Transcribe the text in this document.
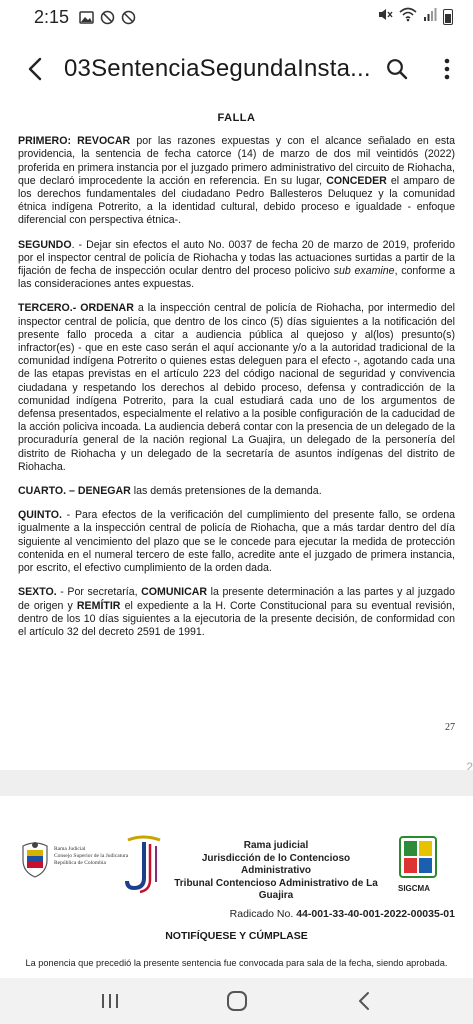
2:15
03SentenciaSegundaInsta...
FALLA

PRIMERO: REVOCAR por las razones expuestas y con el alcance señalado en esta providencia, la sentencia de fecha catorce (14) de marzo de dos mil veintidós (2022) proferida en primera instancia por el juzgado primero administrativo del circuito de Riohacha, que declaró improcedente la acción en referencia. En su lugar, CONCEDER el amparo de los derechos fundamentales del ciudadano Pedro Ballesteros Deluquez y la comunidad étnica indígena Potrerito, a la identidad cultural, debido proceso e igualdade - enfoque diferencial con perspectiva étnica-.

SEGUNDO. - Dejar sin efectos el auto No. 0037 de fecha 20 de marzo de 2019, proferido por el inspector central de policía de Riohacha y todas las actuaciones surtidas a partir de la fijación de fecha de inspección ocular dentro del proceso policivo sub examine, conforme a las consideraciones antes expuestas.

TERCERO.- ORDENAR a la inspección central de policía de Riohacha, por intermedio del inspector central de policía, que dentro de los cinco (5) días siguientes a la notificación del presente fallo proceda a citar a audiencia pública al quejoso y al(los) presunto(s) infractor(es) - que en este caso serán el aquí accionante y/o a la autoridad tradicional de la comunidad indígena Potrerito o quienes estas deleguen para el efecto -, agotando cada una de las etapas previstas en el artículo 223 del código nacional de seguridad y convivencia ciudadana y respetando los derechos al debido proceso, defensa y contradicción de la comunidad indígena Potrerito, para la cual estudiará cada uno de los argumentos de defensa presentados, especialmente el relativo a la posible configuración de la caducidad de la acción policiva incoada. La audiencia deberá contar con la presencia de un delegado de la procuraduría general de la nación regional La Guajira, un delegado de la personería del distrito de Riohacha y un delegado de la secretaría de asuntos indígenas del distrito de Riohacha.

CUARTO. – DENEGAR las demás pretensiones de la demanda.

QUINTO. - Para efectos de la verificación del cumplimiento del presente fallo, se ordena igualmente a la inspección central de policía de Riohacha, que a más tardar dentro del día siguiente al vencimiento del plazo que se le concede para ejecutar la medida de protección contenida en el numeral tercero de este fallo, acredite ante el juzgado de primera instancia, por escrito, el efectivo cumplimiento de la orden dada.

SEXTO. - Por secretaría, COMUNICAR la presente determinación a las partes y al juzgado de origen y REMÍTIR el expediente a la H. Corte Constitucional para su eventual revisión, dentro de los 10 días siguientes a la ejecutoria de la presente decisión, de conformidad con el artículo 32 del decreto 2591 de 1991.

27
2
Rama Judicial
Consejo Superior de la Judicatura
República de Colombia
Rama judicial
Jurisdicción de lo Contencioso Administrativo
Tribunal Contencioso Administrativo de La Guajira
SIGCMA
Radicado No. 44-001-33-40-001-2022-00035-01
NOTIFÍQUESE Y CÚMPLASE
La ponencia que precedió la presente sentencia fue convocada para sala de la fecha, siendo aprobada.
